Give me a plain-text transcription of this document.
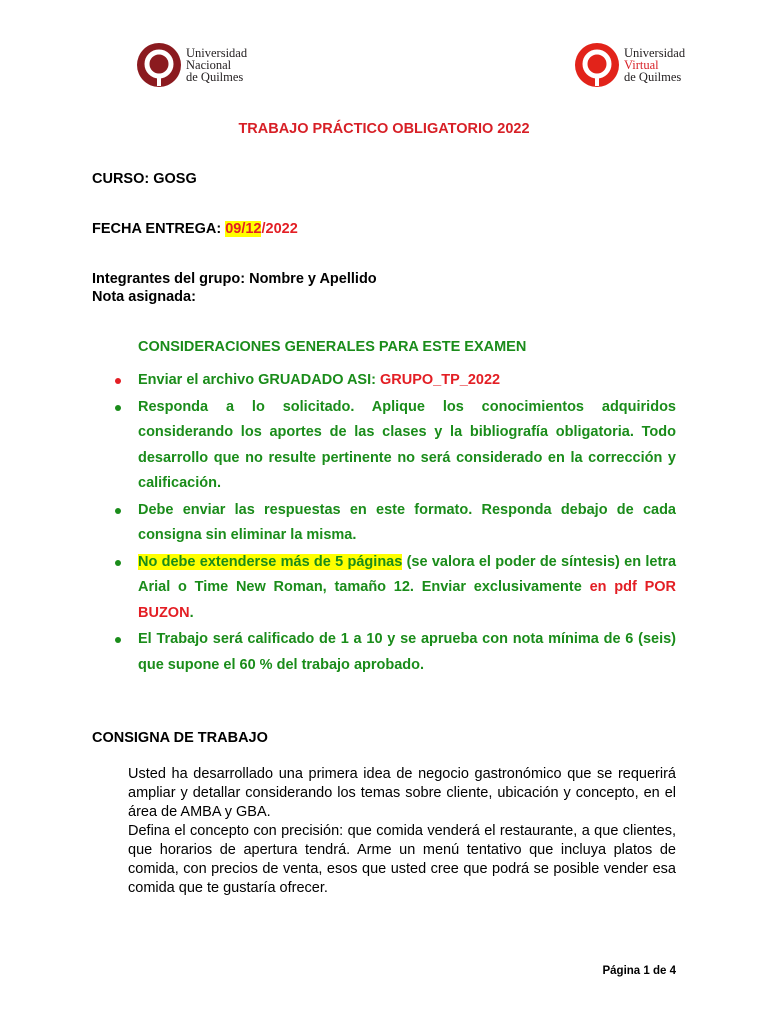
Universidad
Nacional
de Quilmes
Universidad
Virtual
de Quilmes
TRABAJO PRÁCTICO OBLIGATORIO 2022
CURSO: GOSG
FECHA ENTREGA: 09/12/2022
Integrantes del grupo: Nombre y Apellido
Nota asignada:
CONSIDERACIONES GENERALES PARA ESTE EXAMEN
Enviar el archivo GRUADADO ASI: GRUPO_TP_2022
Responda a lo solicitado. Aplique los conocimientos adquiridos considerando los aportes de las clases y la bibliografía obligatoria. Todo desarrollo que no resulte pertinente no será considerado en la corrección y calificación.
Debe enviar las respuestas en este formato. Responda debajo de cada consigna sin eliminar la misma.
No debe extenderse más de 5 páginas (se valora el poder de síntesis) en letra Arial o Time New Roman, tamaño 12. Enviar exclusivamente en pdf POR BUZON.
El Trabajo será calificado de 1 a 10 y se aprueba con nota mínima de 6 (seis) que supone el 60 % del trabajo aprobado.
CONSIGNA DE TRABAJO

Usted ha desarrollado una primera idea de negocio gastronómico que se requerirá ampliar y detallar considerando los temas sobre cliente, ubicación y concepto, en el área de AMBA y GBA.

Defina el concepto con precisión: que comida venderá el restaurante, a que clientes, que horarios de apertura tendrá. Arme un menú tentativo que incluya platos de comida, con precios de venta, esos que usted cree que podrá se posible vender esa comida que te gustaría ofrecer.

Página 1 de 4
